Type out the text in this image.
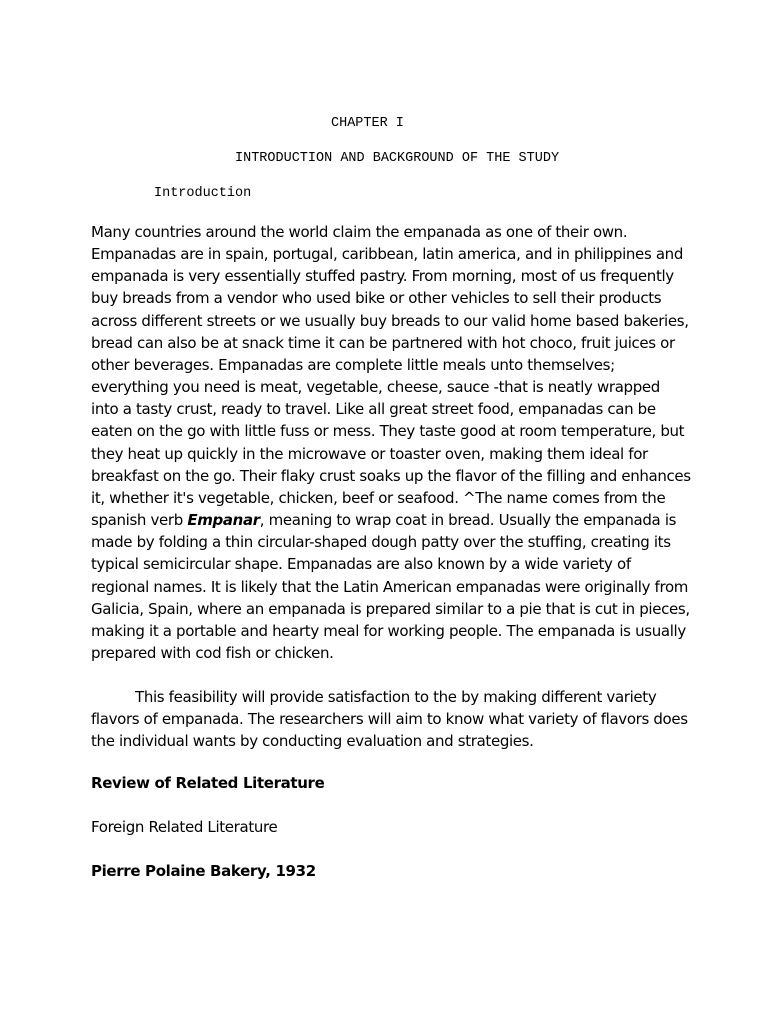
CHAPTER I

INTRODUCTION AND BACKGROUND OF THE STUDY

Introduction

Many countries around the world claim the empanada as one of their own. Empanadas are in spain, portugal, caribbean, latin america, and in philippines and empanada is very essentially stuffed pastry. From morning, most of us frequently buy breads from a vendor who used bike or other vehicles to sell their products across different streets or we usually buy breads to our valid home based bakeries, bread can also be at snack time it can be partnered with hot choco, fruit juices or other beverages. Empanadas are complete little meals unto themselves; everything you need is meat, vegetable, cheese, sauce -that is neatly wrapped into a tasty crust, ready to travel. Like all great street food, empanadas can be eaten on the go with little fuss or mess. They taste good at room temperature, but they heat up quickly in the microwave or toaster oven, making them ideal for breakfast on the go. Their flaky crust soaks up the flavor of the filling and enhances it, whether it's vegetable, chicken, beef or seafood. ^The name comes from the spanish verb Empanar, meaning to wrap coat in bread. Usually the empanada is made by folding a thin circular-shaped dough patty over the stuffing, creating its typical semicircular shape. Empanadas are also known by a wide variety of regional names. It is likely that the Latin American empanadas were originally from Galicia, Spain, where an empanada is prepared similar to a pie that is cut in pieces, making it a portable and hearty meal for working people. The empanada is usually prepared with cod fish or chicken.

This feasibility will provide satisfaction to the by making different variety flavors of empanada. The researchers will aim to know what variety of flavors does the individual wants by conducting evaluation and strategies.

Review of Related Literature

Foreign Related Literature

Pierre Polaine Bakery, 1932
